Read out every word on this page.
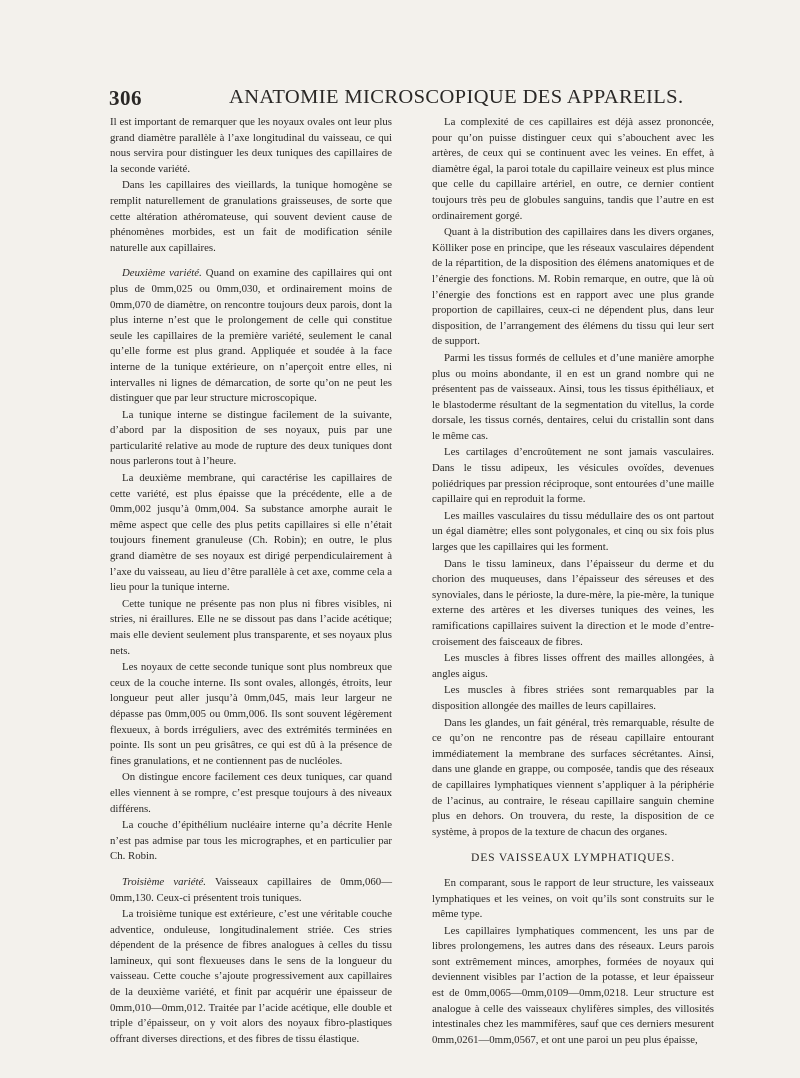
306	ANATOMIE MICROSCOPIQUE DES APPAREILS.

Il est important de remarquer que les noyaux ovales ont leur plus grand diamètre parallèle à l’axe longitudinal du vaisseau, ce qui nous servira pour distinguer les deux tuniques des capillaires de la seconde variété.

Dans les capillaires des vieillards, la tunique homogène se remplit naturellement de granulations graisseuses, de sorte que cette altération athéromateuse, qui souvent devient cause de phénomènes morbides, est un fait de modification sénile naturelle aux capillaires.

Deuxième variété. Quand on examine des capillaires qui ont plus de 0mm,025 ou 0mm,030, et ordinairement moins de 0mm,070 de diamètre, on rencontre toujours deux parois, dont la plus interne n’est que le prolongement de celle qui constitue seule les capillaires de la première variété, seulement le canal qu’elle forme est plus grand. Appliquée et soudée à la face interne de la tunique extérieure, on n’aperçoit entre elles, ni intervalles ni lignes de démarcation, de sorte qu’on ne peut les distinguer que par leur structure microscopique.

La tunique interne se distingue facilement de la suivante, d’abord par la disposition de ses noyaux, puis par une particularité relative au mode de rupture des deux tuniques dont nous parlerons tout à l’heure.

La deuxième membrane, qui caractérise les capillaires de cette variété, est plus épaisse que la précédente, elle a de 0mm,002 jusqu’à 0mm,004. Sa substance amorphe aurait le même aspect que celle des plus petits capillaires si elle n’était toujours finement granuleuse (Ch. Robin); en outre, le plus grand diamètre de ses noyaux est dirigé perpendiculairement à l’axe du vaisseau, au lieu d’être parallèle à cet axe, comme cela a lieu pour la tunique interne.

Cette tunique ne présente pas non plus ni fibres visibles, ni stries, ni éraillures. Elle ne se dissout pas dans l’acide acétique; mais elle devient seulement plus transparente, et ses noyaux plus nets.

Les noyaux de cette seconde tunique sont plus nombreux que ceux de la couche interne. Ils sont ovales, allongés, étroits, leur longueur peut aller jusqu’à 0mm,045, mais leur largeur ne dépasse pas 0mm,005 ou 0mm,006. Ils sont souvent légèrement flexueux, à bords irréguliers, avec des extrémités terminées en pointe. Ils sont un peu grisâtres, ce qui est dû à la présence de fines granulations, et ne contiennent pas de nucléoles.

On distingue encore facilement ces deux tuniques, car quand elles viennent à se rompre, c’est presque toujours à des niveaux différens.

La couche d’épithélium nucléaire interne qu’a décrite Henle n’est pas admise par tous les micrographes, et en particulier par Ch. Robin.

Troisième variété. Vaisseaux capillaires de 0mm,060—0mm,130. Ceux-ci présentent trois tuniques.

La troisième tunique est extérieure, c’est une véritable couche adventice, onduleuse, longitudinalement striée. Ces stries dépendent de la présence de fibres analogues à celles du tissu lamineux, qui sont flexueuses dans le sens de la longueur du vaisseau. Cette couche s’ajoute progressivement aux capillaires de la deuxième variété, et finit par acquérir une épaisseur de 0mm,010—0mm,012. Traitée par l’acide acétique, elle double et triple d’épaisseur, on y voit alors des noyaux fibro-plastiques offrant diverses directions, et des fibres de tissu élastique.

La complexité de ces capillaires est déjà assez prononcée, pour qu’on puisse distinguer ceux qui s’abouchent avec les artères, de ceux qui se continuent avec les veines. En effet, à diamètre égal, la paroi totale du capillaire veineux est plus mince que celle du capillaire artériel, en outre, ce dernier contient toujours très peu de globules sanguins, tandis que l’autre en est ordinairement gorgé.

Quant à la distribution des capillaires dans les divers organes, Kölliker pose en principe, que les réseaux vasculaires dépendent de la répartition, de la disposition des élémens anatomiques et de l’énergie des fonctions. M. Robin remarque, en outre, que là où l’énergie des fonctions est en rapport avec une plus grande proportion de capillaires, ceux-ci ne dépendent plus, dans leur disposition, de l’arrangement des élémens du tissu qui leur sert de support.

Parmi les tissus formés de cellules et d’une manière amorphe plus ou moins abondante, il en est un grand nombre qui ne présentent pas de vaisseaux. Ainsi, tous les tissus épithéliaux, et le blastoderme résultant de la segmentation du vitellus, la corde dorsale, les tissus cornés, dentaires, celui du cristallin sont dans le même cas.

Les cartilages d’encroûtement ne sont jamais vasculaires. Dans le tissu adipeux, les vésicules ovoïdes, devenues poliédriques par pression réciproque, sont entourées d’une maille capillaire qui en reproduit la forme.

Les mailles vasculaires du tissu médullaire des os ont partout un égal diamètre; elles sont polygonales, et cinq ou six fois plus larges que les capillaires qui les forment.

Dans le tissu lamineux, dans l’épaisseur du derme et du chorion des muqueuses, dans l’épaisseur des séreuses et des synoviales, dans le périoste, la dure-mère, la pie-mère, la tunique externe des artères et les diverses tuniques des veines, les ramifications capillaires suivent la direction et le mode d’entre-croisement des faisceaux de fibres.

Les muscles à fibres lisses offrent des mailles allongées, à angles aigus.

Les muscles à fibres striées sont remarquables par la disposition allongée des mailles de leurs capillaires.

Dans les glandes, un fait général, très remarquable, résulte de ce qu’on ne rencontre pas de réseau capillaire entourant immédiatement la membrane des surfaces sécrétantes. Ainsi, dans une glande en grappe, ou composée, tandis que des réseaux de capillaires lymphatiques viennent s’appliquer à la périphérie de l’acinus, au contraire, le réseau capillaire sanguin chemine plus en dehors. On trouvera, du reste, la disposition de ce système, à propos de la texture de chacun des organes.

DES VAISSEAUX LYMPHATIQUES.

En comparant, sous le rapport de leur structure, les vaisseaux lymphatiques et les veines, on voit qu’ils sont construits sur le même type.

Les capillaires lymphatiques commencent, les uns par de libres prolongemens, les autres dans des réseaux. Leurs parois sont extrêmement minces, amorphes, formées de noyaux qui deviennent visibles par l’action de la potasse, et leur épaisseur est de 0mm,0065—0mm,0109—0mm,0218. Leur structure est analogue à celle des vaisseaux chylifères simples, des villosités intestinales chez les mammifères, sauf que ces derniers mesurent 0mm,0261—0mm,0567, et ont une paroi un peu plus épaisse,
